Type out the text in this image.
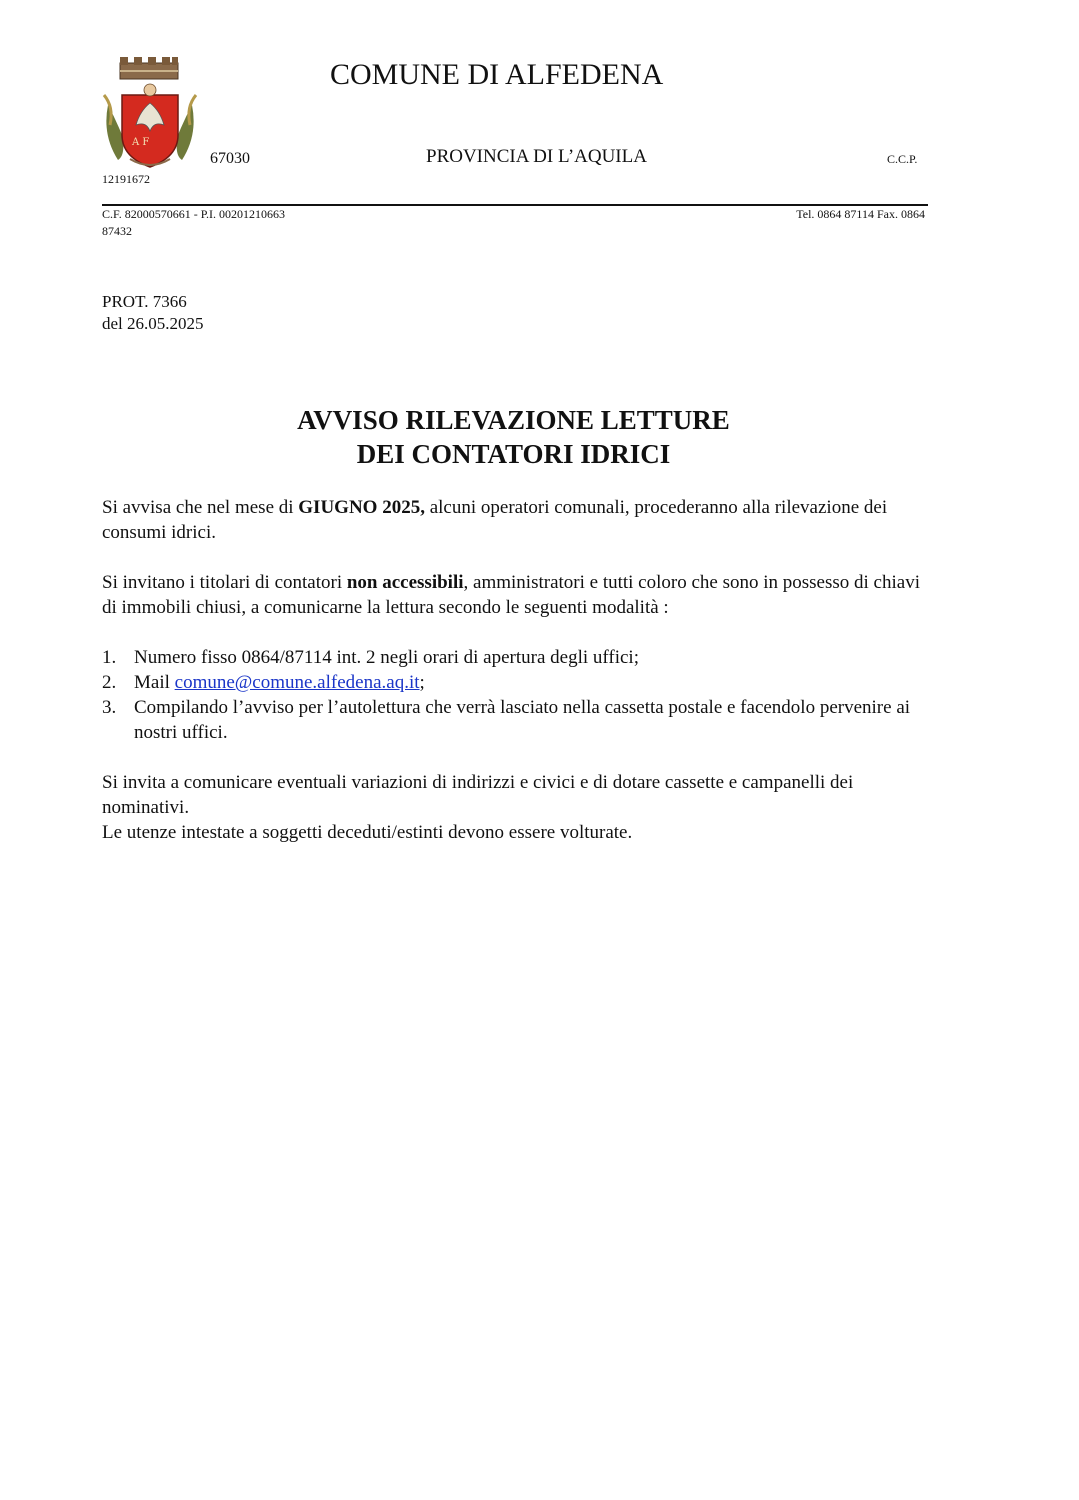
A F
COMUNE DI ALFEDENA
67030	PROVINCIA DI L’AQUILA	C.C.P.
12191672
C.F. 82000570661 - P.I. 00201210663	Tel. 0864 87114 Fax. 0864
87432
PROT. 7366
del 26.05.2025
AVVISO RILEVAZIONE LETTURE
DEI CONTATORI IDRICI
Si avvisa che nel mese di GIUGNO 2025, alcuni operatori comunali, procederanno alla rilevazione dei consumi idrici.
Si invitano i titolari di contatori non accessibili, amministratori e tutti coloro che sono in possesso di chiavi di immobili chiusi, a comunicarne la lettura secondo le seguenti modalità :
1. Numero fisso 0864/87114 int. 2 negli orari di apertura degli uffici;
2. Mail comune@comune.alfedena.aq.it;
3. Compilando l’avviso per l’autolettura che verrà lasciato nella cassetta postale e facendolo pervenire ai nostri uffici.
Si invita a comunicare eventuali variazioni di indirizzi e civici e di dotare cassette e campanelli dei nominativi.
Le utenze intestate a soggetti deceduti/estinti devono essere volturate.
